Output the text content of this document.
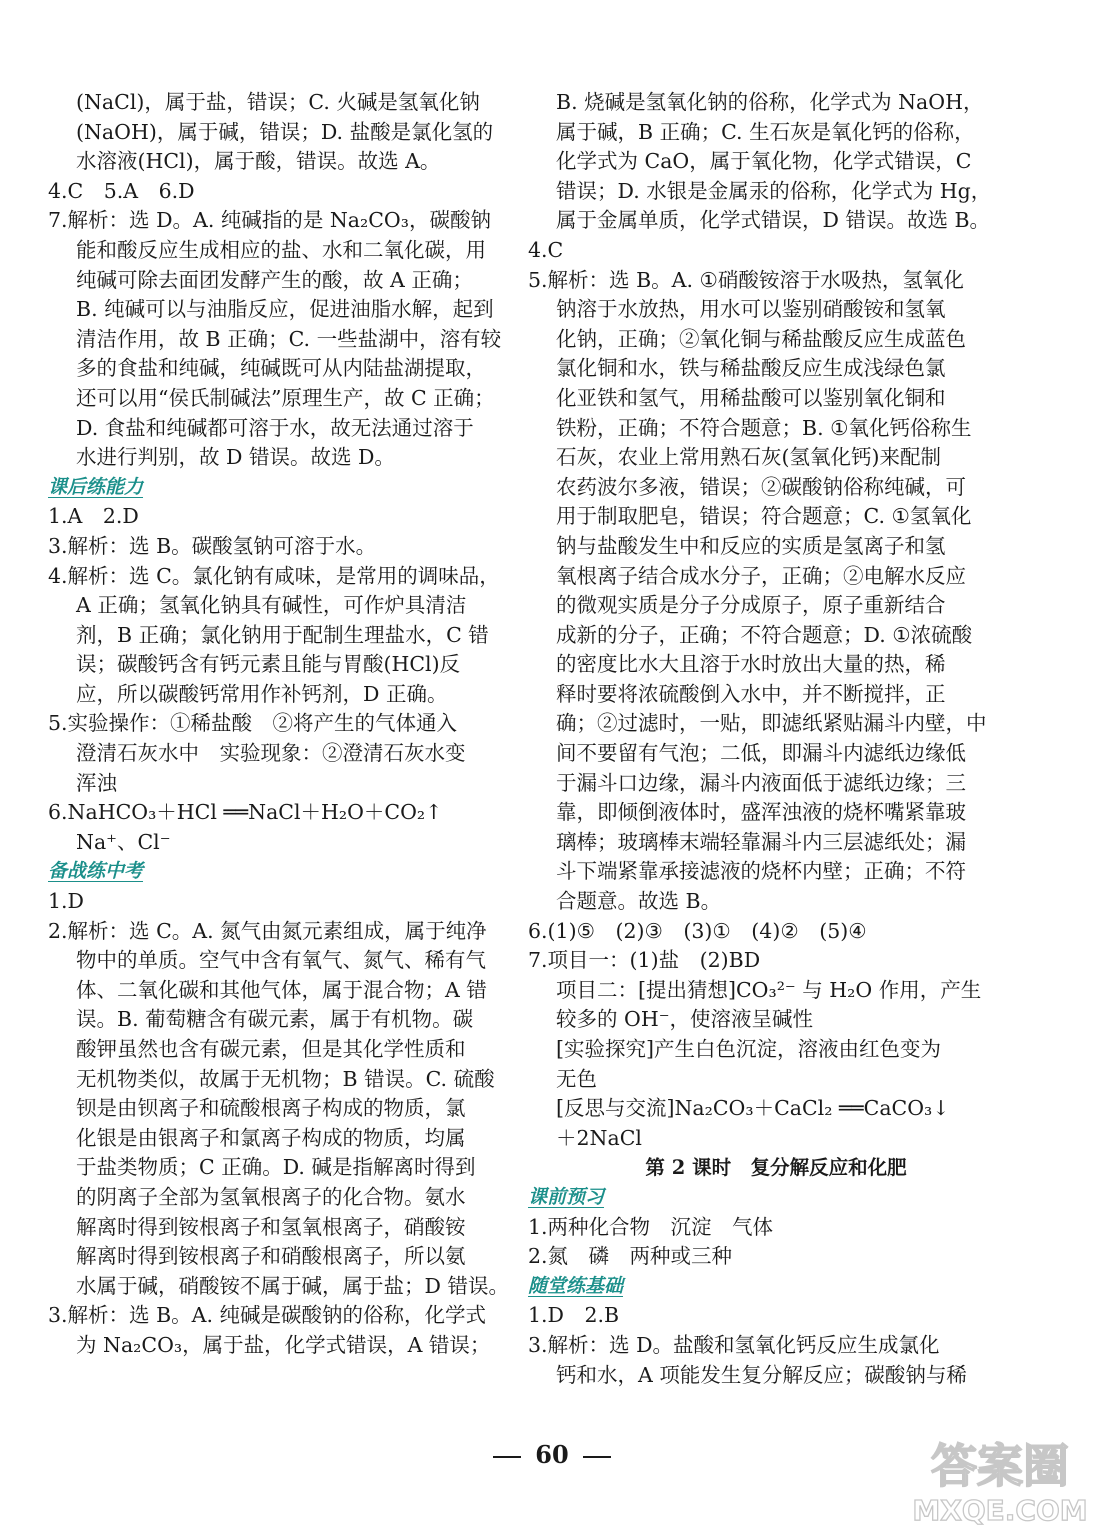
(NaCl)，属于盐，错误；C. 火碱是氢氧化钠
(NaOH)，属于碱，错误；D. 盐酸是氯化氢的
水溶液(HCl)，属于酸，错误。故选 A。
4.C　5.A　6.D
7.解析：选 D。A. 纯碱指的是 Na₂CO₃，碳酸钠
能和酸反应生成相应的盐、水和二氧化碳，用
纯碱可除去面团发酵产生的酸，故 A 正确；
B. 纯碱可以与油脂反应，促进油脂水解，起到
清洁作用，故 B 正确；C. 一些盐湖中，溶有较
多的食盐和纯碱，纯碱既可从内陆盐湖提取，
还可以用“侯氏制碱法”原理生产，故 C 正确；
D. 食盐和纯碱都可溶于水，故无法通过溶于
水进行判别，故 D 错误。故选 D。
课后练能力
1.A　2.D
3.解析：选 B。碳酸氢钠可溶于水。
4.解析：选 C。氯化钠有咸味，是常用的调味品，
A 正确；氢氧化钠具有碱性，可作炉具清洁
剂，B 正确；氯化钠用于配制生理盐水，C 错
误；碳酸钙含有钙元素且能与胃酸(HCl)反
应，所以碳酸钙常用作补钙剂，D 正确。
5.实验操作：①稀盐酸　②将产生的气体通入
澄清石灰水中　实验现象：②澄清石灰水变
浑浊
6.NaHCO₃＋HCl ══NaCl＋H₂O＋CO₂↑
Na⁺、Cl⁻
备战练中考
1.D
2.解析：选 C。A. 氮气由氮元素组成，属于纯净
物中的单质。空气中含有氧气、氮气、稀有气
体、二氧化碳和其他气体，属于混合物；A 错
误。B. 葡萄糖含有碳元素，属于有机物。碳
酸钾虽然也含有碳元素，但是其化学性质和
无机物类似，故属于无机物；B 错误。C. 硫酸
钡是由钡离子和硫酸根离子构成的物质，氯
化银是由银离子和氯离子构成的物质，均属
于盐类物质；C 正确。D. 碱是指解离时得到
的阴离子全部为氢氧根离子的化合物。氨水
解离时得到铵根离子和氢氧根离子，硝酸铵
解离时得到铵根离子和硝酸根离子，所以氨
水属于碱，硝酸铵不属于碱，属于盐；D 错误。
3.解析：选 B。A. 纯碱是碳酸钠的俗称，化学式
为 Na₂CO₃，属于盐，化学式错误，A 错误；
B. 烧碱是氢氧化钠的俗称，化学式为 NaOH，
属于碱，B 正确；C. 生石灰是氧化钙的俗称，
化学式为 CaO，属于氧化物，化学式错误，C
错误；D. 水银是金属汞的俗称，化学式为 Hg，
属于金属单质，化学式错误，D 错误。故选 B。
4.C
5.解析：选 B。A. ①硝酸铵溶于水吸热，氢氧化
钠溶于水放热，用水可以鉴别硝酸铵和氢氧
化钠，正确；②氧化铜与稀盐酸反应生成蓝色
氯化铜和水，铁与稀盐酸反应生成浅绿色氯
化亚铁和氢气，用稀盐酸可以鉴别氧化铜和
铁粉，正确；不符合题意；B. ①氧化钙俗称生
石灰，农业上常用熟石灰(氢氧化钙)来配制
农药波尔多液，错误；②碳酸钠俗称纯碱，可
用于制取肥皂，错误；符合题意；C. ①氢氧化
钠与盐酸发生中和反应的实质是氢离子和氢
氧根离子结合成水分子，正确；②电解水反应
的微观实质是分子分成原子，原子重新结合
成新的分子，正确；不符合题意；D. ①浓硫酸
的密度比水大且溶于水时放出大量的热，稀
释时要将浓硫酸倒入水中，并不断搅拌，正
确；②过滤时，一贴，即滤纸紧贴漏斗内壁，中
间不要留有气泡；二低，即漏斗内滤纸边缘低
于漏斗口边缘，漏斗内液面低于滤纸边缘；三
靠，即倾倒液体时，盛浑浊液的烧杯嘴紧靠玻
璃棒；玻璃棒末端轻靠漏斗内三层滤纸处；漏
斗下端紧靠承接滤液的烧杯内壁；正确；不符
合题意。故选 B。
6.(1)⑤　(2)③　(3)①　(4)②　(5)④
7.项目一：(1)盐　(2)BD
项目二：[提出猜想]CO₃²⁻ 与 H₂O 作用，产生
较多的 OH⁻，使溶液呈碱性
[实验探究]产生白色沉淀，溶液由红色变为
无色
[反思与交流]Na₂CO₃＋CaCl₂ ══CaCO₃↓
＋2NaCl
第 2 课时　复分解反应和化肥
课前预习
1.两种化合物　沉淀　气体
2.氮　磷　两种或三种
随堂练基础
1.D　2.B
3.解析：选 D。盐酸和氢氧化钙反应生成氯化
钙和水，A 项能发生复分解反应；碳酸钠与稀
60	答案圈
MXQE.COM
